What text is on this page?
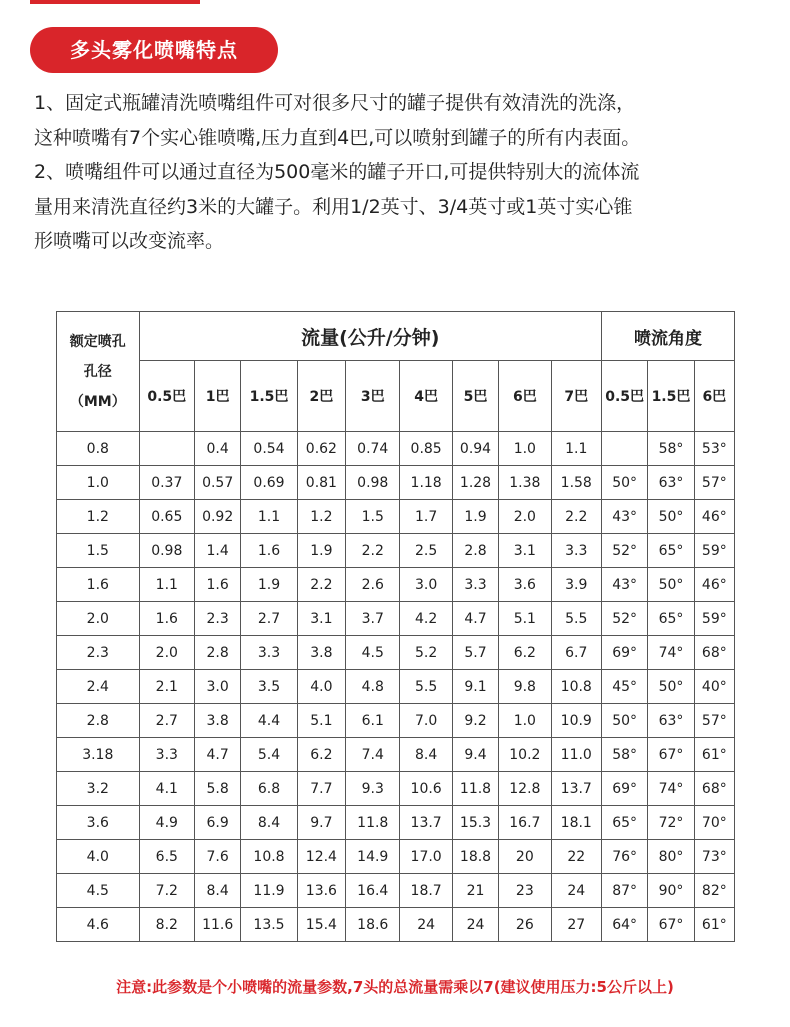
多头雾化喷嘴特点

1、固定式瓶罐清洗喷嘴组件可对很多尺寸的罐子提供有效清洗的洗涤，

这种喷嘴有7个实心锥喷嘴,压力直到4巴,可以喷射到罐子的所有内表面。

2、喷嘴组件可以通过直径为500毫米的罐子开口,可提供特别大的流体流

量用来清洗直径约3米的大罐子。利用1/2英寸、3/4英寸或1英寸实心锥

形喷嘴可以改变流率。

额定喷孔
孔径
（MM）	流量(公升/分钟)									喷流角度		
	0.5巴	1巴	1.5巴	2巴	3巴	4巴	5巴	6巴	7巴	0.5巴	1.5巴	6巴
0.8		0.4	0.54	0.62	0.74	0.85	0.94	1.0	1.1		58°	53°
1.0	0.37	0.57	0.69	0.81	0.98	1.18	1.28	1.38	1.58	50°	63°	57°
1.2	0.65	0.92	1.1	1.2	1.5	1.7	1.9	2.0	2.2	43°	50°	46°
1.5	0.98	1.4	1.6	1.9	2.2	2.5	2.8	3.1	3.3	52°	65°	59°
1.6	1.1	1.6	1.9	2.2	2.6	3.0	3.3	3.6	3.9	43°	50°	46°
2.0	1.6	2.3	2.7	3.1	3.7	4.2	4.7	5.1	5.5	52°	65°	59°
2.3	2.0	2.8	3.3	3.8	4.5	5.2	5.7	6.2	6.7	69°	74°	68°
2.4	2.1	3.0	3.5	4.0	4.8	5.5	9.1	9.8	10.8	45°	50°	40°
2.8	2.7	3.8	4.4	5.1	6.1	7.0	9.2	1.0	10.9	50°	63°	57°
3.18	3.3	4.7	5.4	6.2	7.4	8.4	9.4	10.2	11.0	58°	67°	61°
3.2	4.1	5.8	6.8	7.7	9.3	10.6	11.8	12.8	13.7	69°	74°	68°
3.6	4.9	6.9	8.4	9.7	11.8	13.7	15.3	16.7	18.1	65°	72°	70°
4.0	6.5	7.6	10.8	12.4	14.9	17.0	18.8	20	22	76°	80°	73°
4.5	7.2	8.4	11.9	13.6	16.4	18.7	21	23	24	87°	90°	82°
4.6	8.2	11.6	13.5	15.4	18.6	24	24	26	27	64°	67°	61°
注意:此参数是个小喷嘴的流量参数,7头的总流量需乘以7(建议使用压力:5公斤以上)
